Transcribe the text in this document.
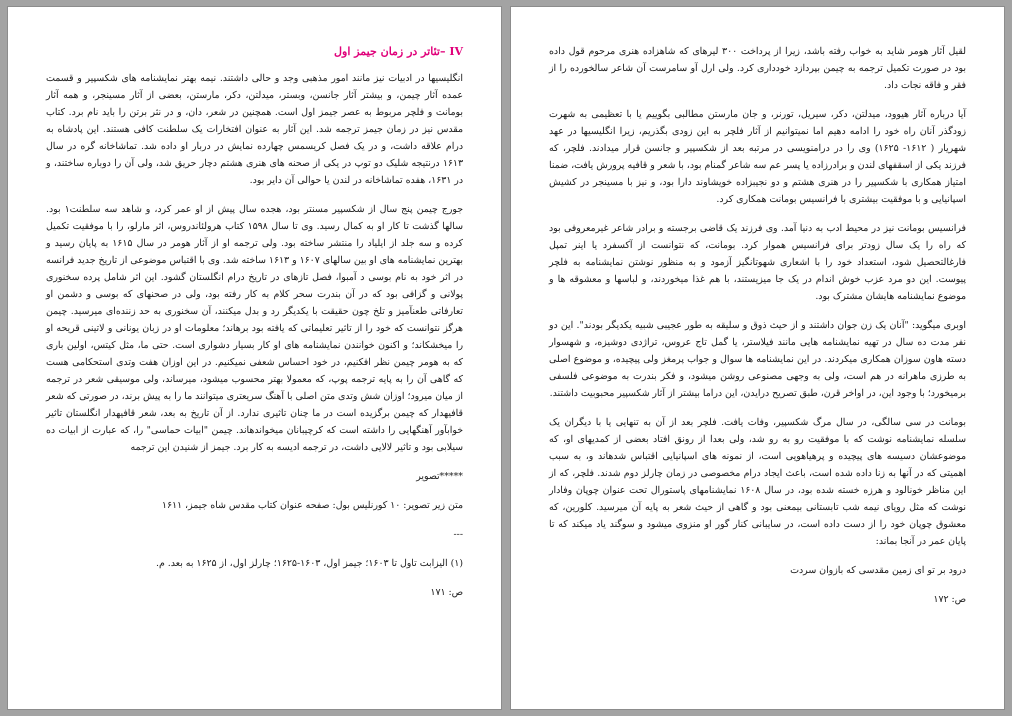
IV –تئاتر در زمان جیمز اول

انگلیسیها در ادبیات نیز مانند امور مذهبی وجد و حالی داشتند. نیمه بهتر نمایشنامه های شکسپیر و قسمت عمده آثار چیمن، و بیشتر آثار جانسن، وبستر، میدلتن، دکر، مارستن، بعضی از آثار مسینجر، و همه آثار بومانت و فلچر مربوط به عصر جیمز اول است. همچنین در شعر، دان، و در نثر برتن را باید نام برد. کتاب مقدس نیز در زمان جیمز ترجمه شد. این آثار به عنوان افتخارات یک سلطنت کافی هستند. این پادشاه به درام علاقه داشت، و در یک فصل کریسمس چهارده نمایش در دربار او داده شد. تماشاخانه گره در سال ۱۶۱۳ درنتیجه شلیک دو توپ در یکی از صحنه های هنری هشتم دچار حریق شد، ولی آن را دوباره ساختند، و در ۱۶۳۱، هفده تماشاخانه در لندن یا حوالی آن دایر بود.

جورج چیمن پنج سال از شکسپیر مسنتر بود، هجده سال پیش از او عمر کرد، و شاهد سه سلطنت۱ بود. سالها گذشت تا کار او به کمال رسید. وی تا سال ۱۵۹۸ کتاب هرولئاندروس، اثر مارلو، را با موفقیت تکمیل کرده و سه جلد از ایلیاد را منتشر ساخته بود. ولی ترجمه او از آثار هومر در سال ۱۶۱۵ به پایان رسید و بهترین نمایشنامه های او بین سالهای ۱۶۰۷ و ۱۶۱۳ ساخته شد. وی با اقتباس موضوعی از تاریخ جدید فرانسه در اثر خود به نام بوسی د آمبوا، فصل تازهای در تاریخ درام انگلستان گشود. این اثر شامل پرده سخنوری پولانی و گزافی بود که در آن بندرت سحر کلام به کار رفته بود، ولی در صحنهای که بوسی و دشمن او تعارفاتی طعنآمیز و تلخ چون حقیقت با یکدیگر رد و بدل میکنند، آن سخنوری به حد زننده‌ای میرسید. چیمن هرگز نتوانست که خود را از تاثیر تعلیماتی که یافته بود برهاند؛ معلومات او در زبان یونانی و لاتینی قریحه او را میخشکاند؛ و اکنون خوانندن نمایشنامه های او کار بسیار دشواری است. حتی ما، مثل کیتس، اولین باری که به هومر چیمن نظر افکنیم، در خود احساس شعفی نمیکنیم. در این اوزان هفت وتدی استحکامی هست که گاهی آن را به پایه ترجمه پوپ، که معمولا بهتر محسوب میشود، میرساند، ولی موسیقی شعر در ترجمه از میان میرود؛ اوزان شش وتدی متن اصلی با آهنگ سریعتری میتوانند ما را به پیش برند، در صورتی که شعر قافیهدار که چیمن برگزیده است در ما چنان تاثیری ندارد. از آن تاریخ به بعد، شعر قافیهدار انگلستان تاثیر خوابآور آهنگهایی را داشته است که کرچیبانان میخواندهاند. چیمن "ابیات حماسی" را، که عبارت از ابیات ده سیلابی بود و تاثیر لالایی داشت، در ترجمه ادیسه به کار برد. جیمز از شنیدن این ترجمه

*****تصویر

متن زیر تصویر: ۱۰ کورنلیس بول: صفحه عنوان کتاب مقدس شاه جیمز، ۱۶۱۱

---

(۱) الیزابت تاول تا ۱۶۰۳؛ جیمز اول، ۱۶۰۳-۱۶۲۵؛ چارلز اول، از ۱۶۲۵ به بعد. م.

ص: ۱۷۱

لقیل آثار هومر شاید به خواب رفته باشد، زیرا از پرداخت ۳۰۰ لیرهای که شاهزاده هنری مرحوم قول داده بود در صورت تکمیل ترجمه به چیمن بپردازد خودداری کرد. ولی ارل آو سامرست آن شاعر سالخورده را از فقر و فاقه نجات داد.

آیا درباره آثار هیوود، میدلتن، دکر، سیریل، تورنر، و جان مارستن مطالبی بگوییم یا با تعظیمی به شهرت زودگذر آنان راه خود را ادامه دهیم اما نمیتوانیم از آثار فلچر به این زودی بگذریم، زیرا انگلیسیها در عهد شهریار ( ۱۶۱۲- ۱۶۲۵) وی را در درامنویسی در مرتبه بعد از شکسپیر و جانسن قرار میدادند. فلچر، که فرزند یکی از اسقفهای لندن و برادرزاده یا پسر عم سه شاعر گمنام بود، با شعر و قافیه پرورش یافت، ضمنا امتیاز همکاری با شکسپیر را در هنری هشتم و دو نجیبزاده خویشاوند دارا بود، و نیز با مسینجر در کشیش اسپانیایی و با موفقیت بیشتری با فرانسیس بومانت همکاری کرد.

فرانسیس بومانت نیز در محیط ادب به دنیا آمد. وی فرزند یک قاضی برجسته و برادر شاعر غیرمعروفی بود که راه را یک سال زودتر برای فرانسیس هموار کرد. بومانت، که نتوانست از آکسفرد یا اینر تمپل فارغالتحصیل شود، استعداد خود را با اشعاری شهوتانگیز آزمود و به منظور نوشتن نمایشنامه به فلچر پیوست. این دو مرد عزب خوش اندام در یک جا میزیستند، با هم غذا میخوردند، و لباسها و معشوقه ها و موضوع نمایشنامه هایشان مشترک بود.

اوبری میگوید: "آنان یک زن جوان داشتند و از حیث ذوق و سلیقه به طور عجیبی شبیه یکدیگر بودند". این دو نفر مدت ده سال در تهیه نمایشنامه هایی مانند فیلاستر، یا گمل تاج عروس، تراژدی دوشیزه، و شهسوار دسته هاون سوزان همکاری میکردند. در این نمایشنامه ها سوال و جواب پرمغز ولی پیچیده، و موضوع اصلی به طرزی ماهرانه در هم است، ولی به وجهی مصنوعی روشن میشود، و فکر بندرت به موضوعی فلسفی برمیخورد؛ با وجود این، در اواخر قرن، طبق تصریح درایدن، این دراما بیشتر از آثار شکسپیر محبوبیت داشتند.

بومانت در سی سالگی، در سال مرگ شکسپیر، وفات یافت. فلچر بعد از آن به تنهایی یا با دیگران یک سلسله نمایشنامه نوشت که با موفقیت رو به رو شد، ولی بعدا از رونق افتاد بعضی از کمدیهای او، که موضوعشان دسیسه های پیچیده و پرهیاهویی است، از نمونه های اسپانیایی اقتباس شدهاند و، به سبب اهمیتی که در آنها به زنا داده شده است، باعث ایجاد درام مخصوصی در زمان چارلز دوم شدند. فلچر، که از این مناظر خونالود و هرزه خسته شده بود، در سال ۱۶۰۸ نمایشنامهای پاستورال تحت عنوان چوپان وفادار نوشت که مثل رویای نیمه شب تابستانی بیمعنی بود و گاهی از حیث شعر به پایه آن میرسید. کلورین، که معشوق چوپان خود را از دست داده است، در سایبانی کنار گور او منزوی میشود و سوگند یاد میکند که تا پایان عمر در آنجا بماند:

درود بر تو ای زمین مقدسی که بازوان سردت

ص: ۱۷۲
